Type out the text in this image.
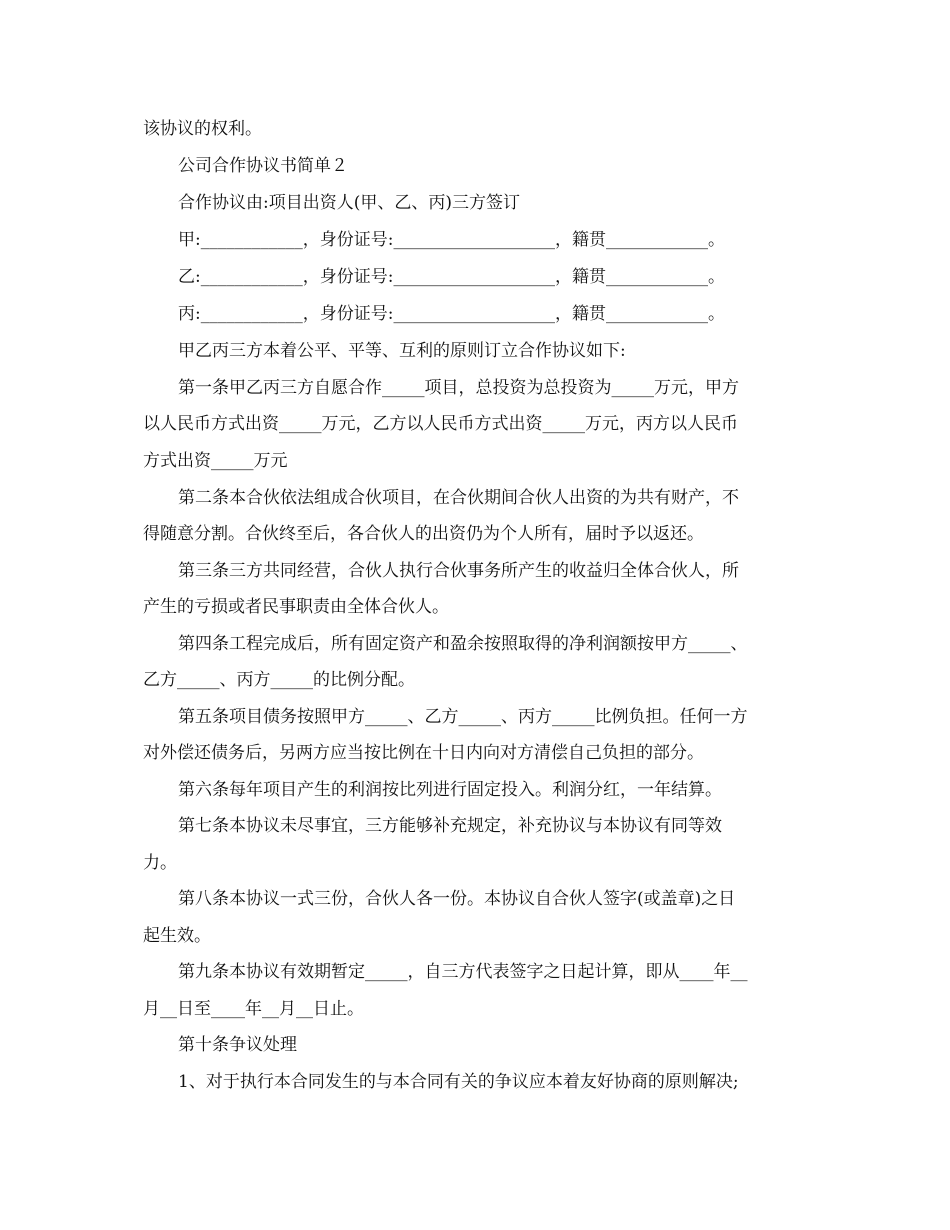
该协议的权利。
公司合作协议书简单２
合作协议由:项目出资人(甲、乙、丙)三方签订
甲:____________，身份证号:___________________，籍贯____________。
乙:____________，身份证号:___________________，籍贯____________。
丙:____________，身份证号:___________________，籍贯____________。
甲乙丙三方本着公平、平等、互利的原则订立合作协议如下:
第一条甲乙丙三方自愿合作_____项目，总投资为总投资为_____万元，甲方
以人民币方式出资_____万元，乙方以人民币方式出资_____万元，丙方以人民币
方式出资_____万元
第二条本合伙依法组成合伙项目，在合伙期间合伙人出资的为共有财产，不
得随意分割。合伙终至后，各合伙人的出资仍为个人所有，届时予以返还。
第三条三方共同经营，合伙人执行合伙事务所产生的收益归全体合伙人，所
产生的亏损或者民事职责由全体合伙人。
第四条工程完成后，所有固定资产和盈余按照取得的净利润额按甲方_____、
乙方_____、丙方_____的比例分配。
第五条项目债务按照甲方_____、乙方_____、丙方_____比例负担。任何一方
对外偿还债务后，另两方应当按比例在十日内向对方清偿自己负担的部分。
第六条每年项目产生的利润按比列进行固定投入。利润分红，一年结算。
第七条本协议未尽事宜，三方能够补充规定，补充协议与本协议有同等效
力。
第八条本协议一式三份，合伙人各一份。本协议自合伙人签字(或盖章)之日
起生效。
第九条本协议有效期暂定_____，自三方代表签字之日起计算，即从____年__
月__日至____年__月__日止。
第十条争议处理
1、对于执行本合同发生的与本合同有关的争议应本着友好协商的原则解决;
